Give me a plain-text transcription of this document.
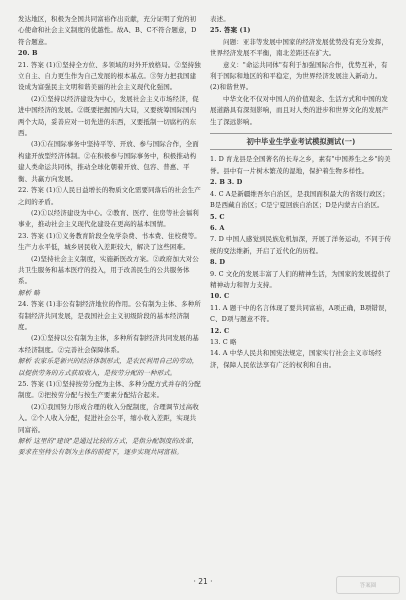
发达地区，积极为全国共同富裕作出贡献，充分证明了党的初心使命和社会主义制度的优越性。故A、B、C不符合题意，D符合题意。

20. B

21. 答案 (1)①坚持全方位、多领域的对外开放格局。②坚持独立自主、自力更生作为自己发展的根本基点。③努力把我国建设成为富强民主文明和谐美丽的社会主义现代化强国。

(2)①坚持以经济建设为中心，发展社会主义市场经济，促进中国经济的发展。②既要把握国内大局，又要统筹国际国内两个大局，妥善应对一切先进的东西，又要抵制一切腐朽的东西。

(3)①在国际事务中坚持平等、开放、参与国际合作，全面构建开放型经济体制。②在积极参与国际事务中，积极推动构建人类命运共同体，推动全球化朝着开放、包容、普惠、平衡、共赢方向发展。

22. 答案 (1)①人民日益增长的物质文化需要同落后的社会生产之间的矛盾。

(2)①以经济建设为中心。②教育、医疗、住房等社会福利事业，推动社会主义现代化建设在更高的基本国情。

23. 答案 (1)①义务教育阶段全免学杂费、书本费、住校费等。生产力水平低，城乡居民收入差距较大，解决了这些困难。

(2)坚持社会主义制度，实施新医改方案。②政府加大对公共卫生服务和基本医疗的投入，用于改善民生的公共服务体系。

解析 略

24. 答案 (1)非公有制经济地位的作用。公有制为主体、多种所有制经济共同发展，是我国社会主义初级阶段的基本经济制度。

(2)①坚持以公有制为主体，多种所有制经济共同发展的基本经济制度。②完善社会保障体系。

解析 农家乐是新兴的经济体制形式，是农民利用自己的劳动，以提供劳务的方式获取收入，是按劳分配的一种形式。

25. 答案 (1)①坚持按劳分配为主体、多种分配方式并存的分配制度。②把按劳分配与按生产要素分配结合起来。

(2)①我国努力形成合理的收入分配制度，合理调节过高收入。②个人收入分配，促进社会公平，缩小收入差距，实现共同富裕。

解析 这里的"建设"是通过比较的方式，是指分配制度的改革，要求在坚持公有制为主体的前提下，逐步实现共同富裕。

表述。

25. 答案 (1)

问题：亚非等发展中国家的经济发展优势没有充分发挥，世界经济发展不平衡，南北差距还在扩大。

意义："命运共同体"有利于加强国际合作，优势互补，有利于国际和地区的和平稳定，为世界经济发展注入新动力。

(2)和谐世界。

中华文化不仅对中国人的价值观念、生活方式和中国的发展道路具有深刻影响，而且对人类的进步和世界文化的发展产生了深远影响。

初中毕业生学业考试模拟测试(一)

1. D 育龙县是全国著名的长寿之乡，素有"中国养生之乡"的美誉。县中有一片树木繁茂的湿地，保护着生物多样性。

2. B 3. D

4. C A是新疆维吾尔自治区，是我国面积最大的省级行政区；B是西藏自治区；C是宁夏回族自治区；D是内蒙古自治区。

5. C

6. A

7. D 中国人感觉到民族危机加深，开展了洋务运动，不同于传统的变法维新，开启了近代化的历程。

8. D

9. C 文化的发展丰富了人们的精神生活，为国家的发展提供了精神动力和智力支持。

10. C

11. A 题干中的名言体现了要共同富裕，A项正确，B项错误，C、D项与题意不符。

12. C

13. C 略

14. A 中华人民共和国宪法规定，国家实行社会主义市场经济，保障人民依法享有广泛的权利和自由。

· 21 ·	答案圈
